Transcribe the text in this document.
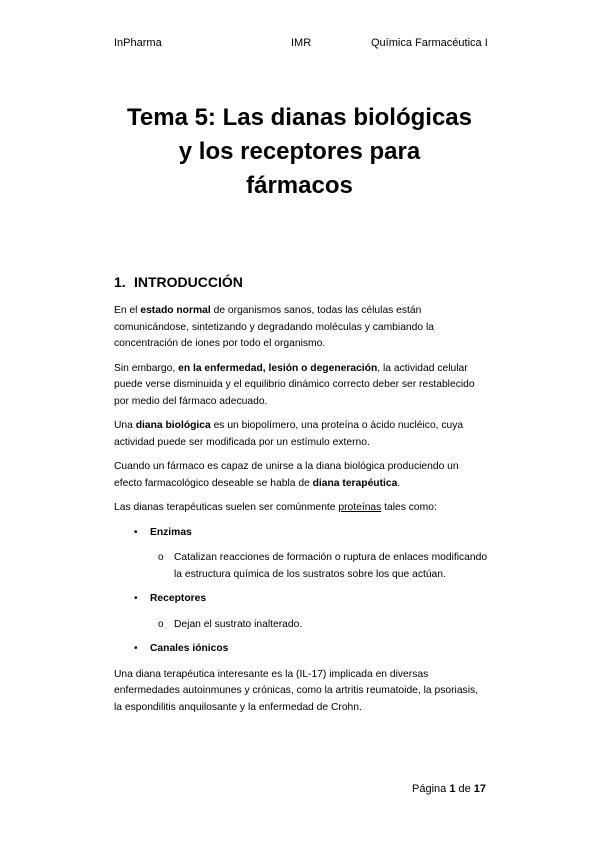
InPharma	IMR	Química Farmacéutica I
Tema 5: Las dianas biológicas
y los receptores para
fármacos
1. INTRODUCCIÓN

En el estado normal de organismos sanos, todas las células están comunicándose, sintetizando y degradando moléculas y cambiando la concentración de iones por todo el organismo.

Sin embargo, en la enfermedad, lesión o degeneración, la actividad celular puede verse disminuida y el equilibrio dinámico correcto deber ser restablecido por medio del fármaco adecuado.

Una diana biológica es un biopolímero, una proteína o ácido nucléico, cuya actividad puede ser modificada por un estímulo externo.

Cuando un fármaco es capaz de unirse a la diana biológica produciendo un efecto farmacológico deseable se habla de diana terapéutica.

Las dianas terapéuticas suelen ser comúnmente proteínas tales como:

• Enzimas
o Catalizan reacciones de formación o ruptura de enlaces modificando la estructura química de los sustratos sobre los que actúan.
• Receptores
o Dejan el sustrato inalterado.
• Canales iónicos

Una diana terapéutica interesante es la (IL-17) implicada en diversas enfermedades autoinmunes y crónicas, como la artritis reumatoide, la psoriasis, la espondilitis anquilosante y la enfermedad de Crohn.

Página 1 de 17
